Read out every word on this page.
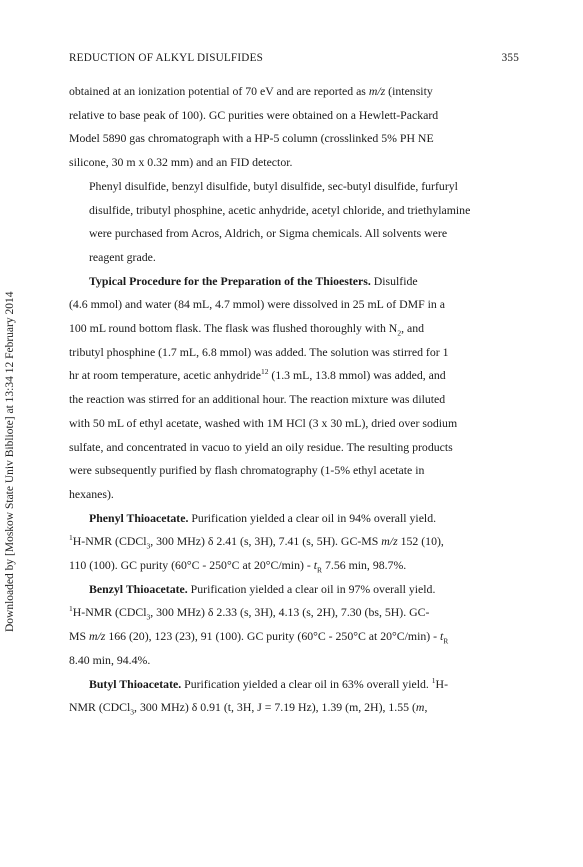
REDUCTION OF ALKYL DISULFIDES	355
Downloaded by [Moskow State Univ Bibliote] at 13:34 12 February 2014

obtained at an ionization potential of 70 eV and are reported as m/z (intensity
relative to base peak of 100). GC purities were obtained on a Hewlett-Packard
Model 5890 gas chromatograph with a HP-5 column (crosslinked 5% PH NE
silicone, 30 m x 0.32 mm) and an FID detector.

Phenyl disulfide, benzyl disulfide, butyl disulfide, sec-butyl disulfide, furfuryl
disulfide, tributyl phosphine, acetic anhydride, acetyl chloride, and triethylamine
were purchased from Acros, Aldrich, or Sigma chemicals. All solvents were
reagent grade.

Typical Procedure for the Preparation of the Thioesters. Disulfide
(4.6 mmol) and water (84 mL, 4.7 mmol) were dissolved in 25 mL of DMF in a
100 mL round bottom flask. The flask was flushed thoroughly with $N_2$, and
tributyl phosphine (1.7 mL, 6.8 mmol) was added. The solution was stirred for 1
hr at room temperature, acetic anhydride$^{12}$ (1.3 mL, 13.8 mmol) was added, and
the reaction was stirred for an additional hour. The reaction mixture was diluted
with 50 mL of ethyl acetate, washed with 1M HCl (3 x 30 mL), dried over sodium
sulfate, and concentrated in vacuo to yield an oily residue. The resulting products
were subsequently purified by flash chromatography (1-5% ethyl acetate in
hexanes).

Phenyl Thioacetate. Purification yielded a clear oil in 94% overall yield.
$^1$H-NMR (CDCl$_3$, 300 MHz) δ 2.41 (s, 3H), 7.41 (s, 5H). GC-MS m/z 152 (10),
110 (100). GC purity (60°C - 250°C at $20^\circ C/\min) - t_R$ 7.56 min, 98.7%.

Benzyl Thioacetate. Purification yielded a clear oil in 97% overall yield.
$^1$H-NMR (CDCl$_3$, 300 MHz) δ 2.33 (s, 3H), 4.13 (s, 2H), 7.30 (bs, 5H). GC-
MS m/z 166 (20), 123 (23), 91 (100). GC purity (60°C - 250°C at $20^\circ C/\min) - t_R$
8.40 min, 94.4%.

Butyl Thioacetate. Purification yielded a clear oil in 63% overall yield. $^1$H-
NMR (CDCl$_3$, 300 MHz) δ 0.91 (t, 3H, J = 7.19 Hz), 1.39 (m, 2H), 1.55 (m,
